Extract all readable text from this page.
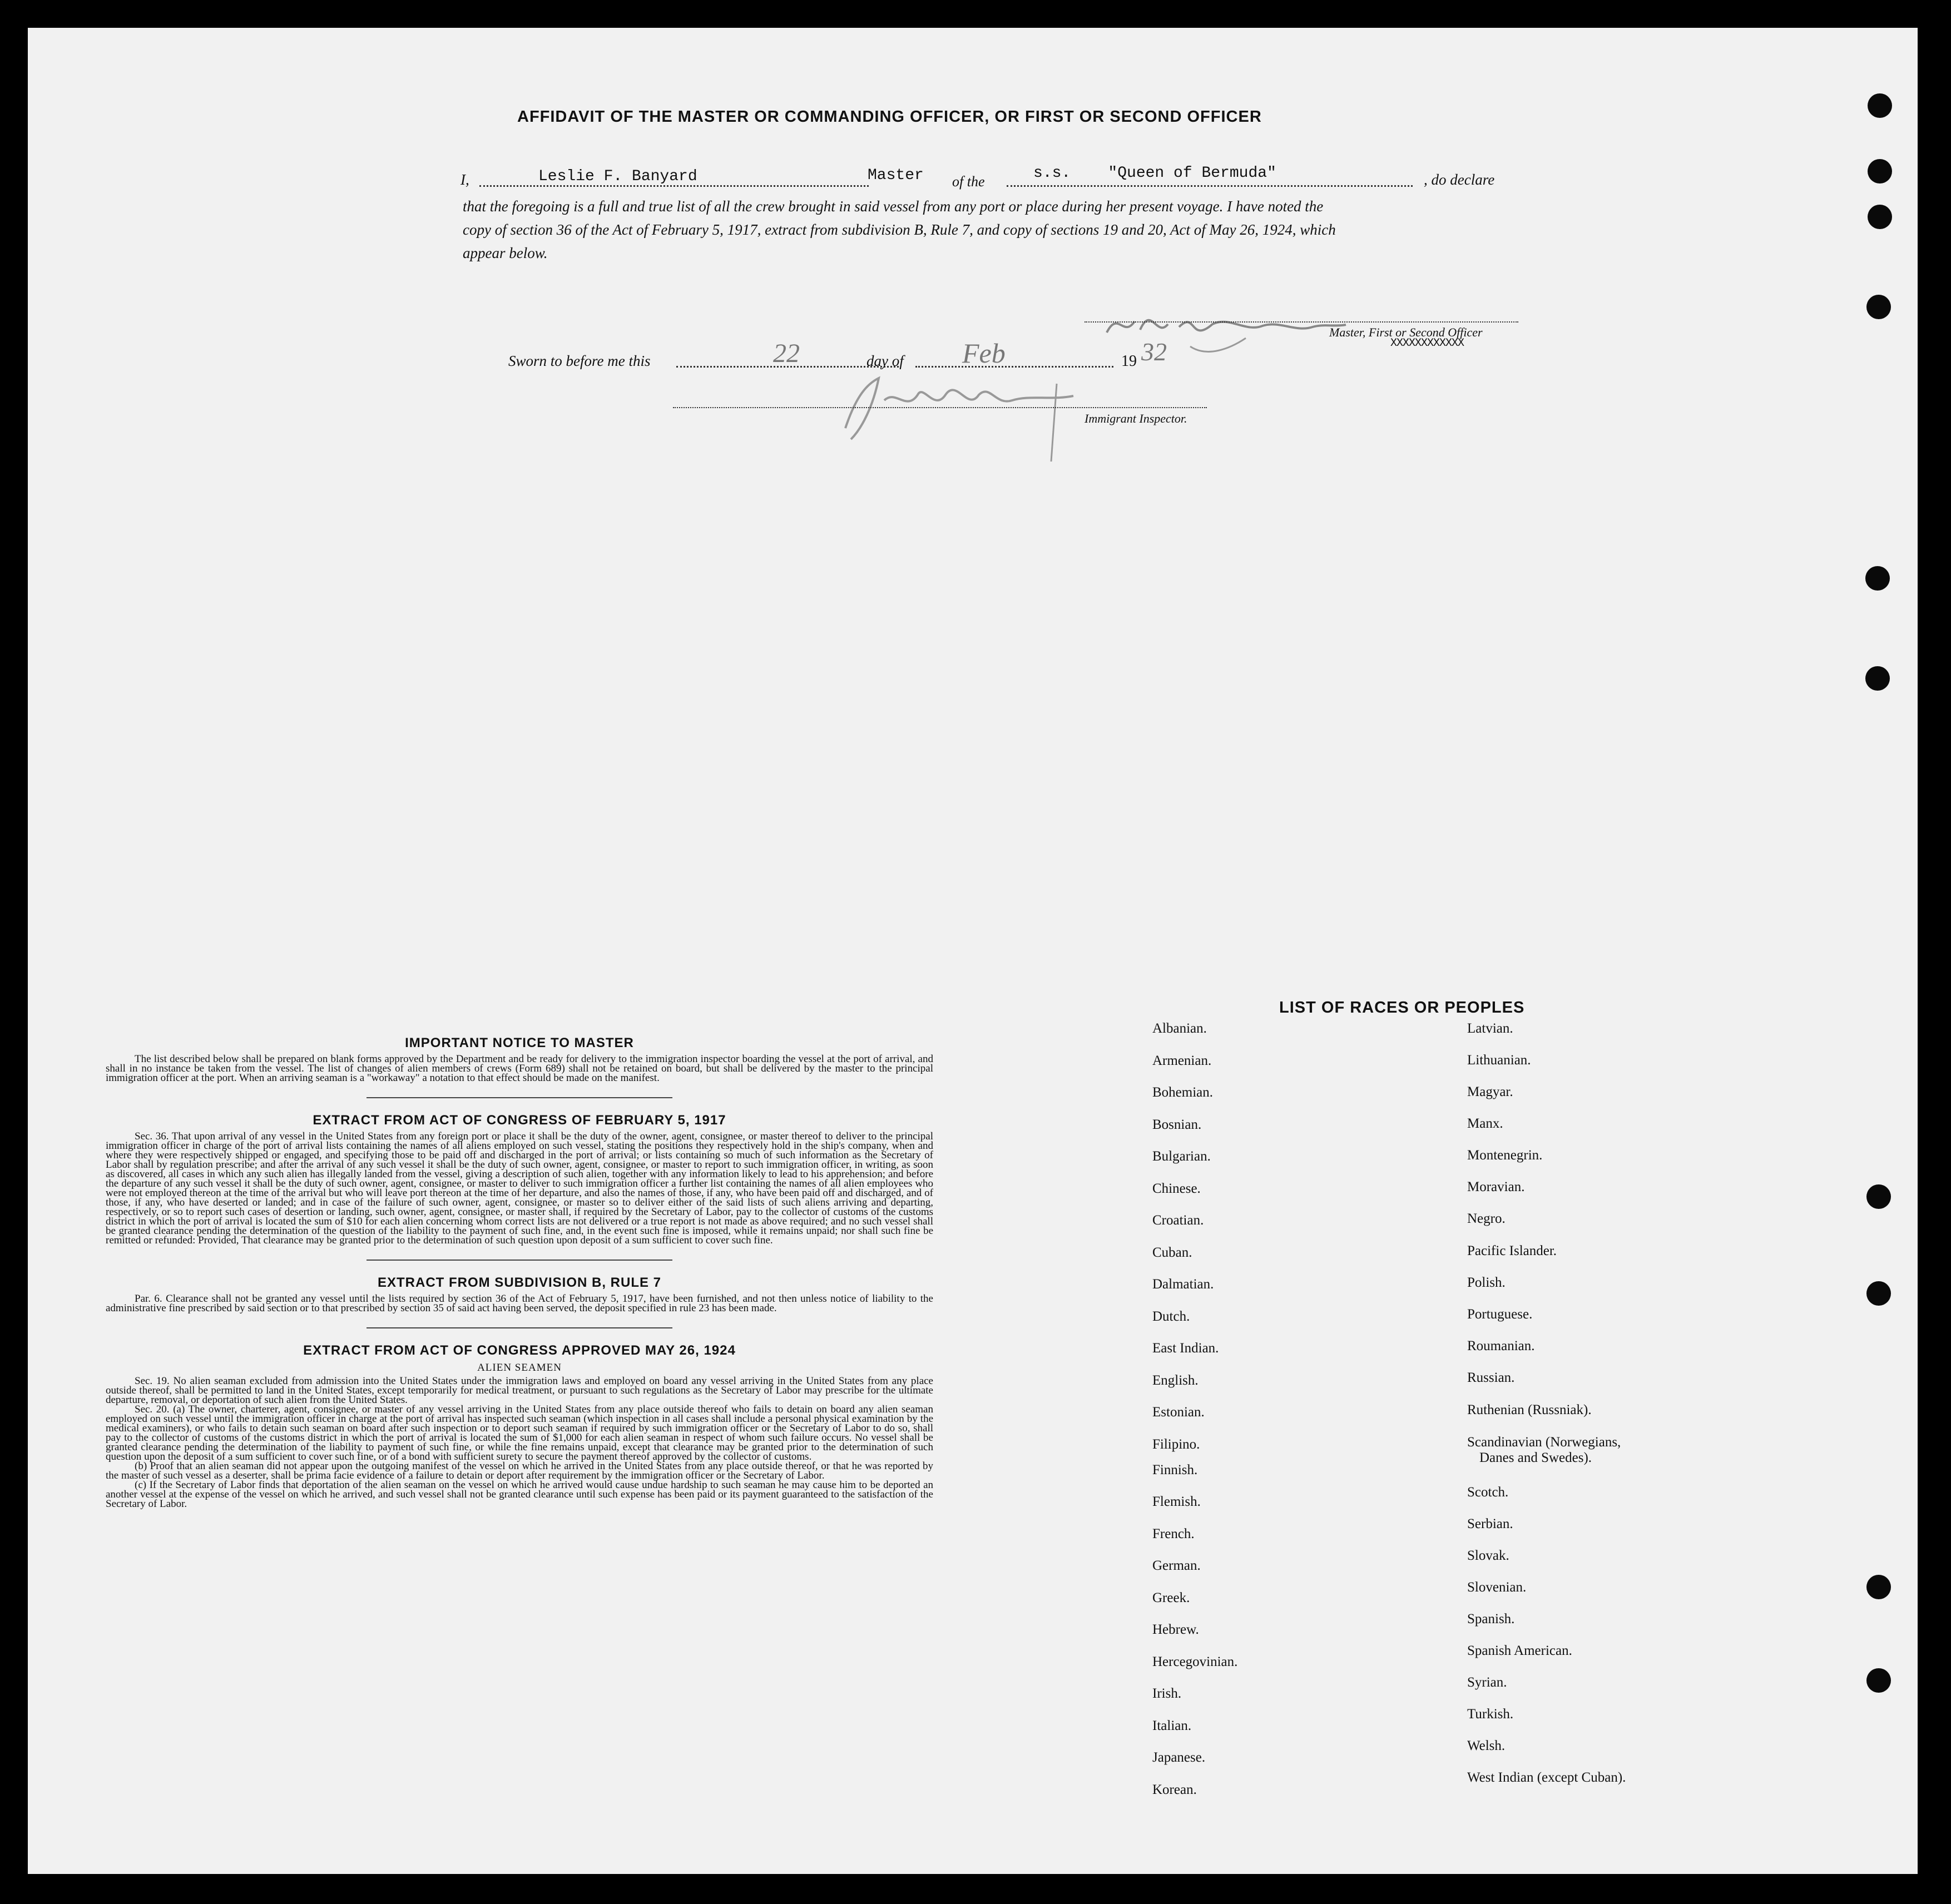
AFFIDAVIT OF THE MASTER OR COMMANDING OFFICER, OR FIRST OR SECOND OFFICER
I,	Leslie F. Banyard	Master of the	s.s.    "Queen of Bermuda"	, do declare
that the foregoing is a full and true list of all the crew brought in said vessel from any port or place during her present voyage. I have noted the
copy of section 36 of the Act of February 5, 1917, extract from subdivision B, Rule 7, and copy of sections 19 and 20, Act of May 26, 1924, which
appear below.
Master, First or Second Officer
XXXXXXXXXXXX
Sworn to before me this	22	day of Feb	19 32
Immigrant Inspector.
IMPORTANT NOTICE TO MASTER

The list described below shall be prepared on blank forms approved by the Department and be ready for delivery to the immigration inspector boarding the vessel at the port of arrival, and shall in no instance be taken from the vessel. The list of changes of alien members of crews (Form 689) shall not be retained on board, but shall be delivered by the master to the principal immigration officer at the port. When an arriving seaman is a "workaway" a notation to that effect should be made on the manifest.

EXTRACT FROM ACT OF CONGRESS OF FEBRUARY 5, 1917

Sec. 36. That upon arrival of any vessel in the United States from any foreign port or place it shall be the duty of the owner, agent, consignee, or master thereof to deliver to the principal immigration officer in charge of the port of arrival lists containing the names of all aliens employed on such vessel, stating the positions they respectively hold in the ship's company, when and where they were respectively shipped or engaged, and specifying those to be paid off and discharged in the port of arrival; or lists containing so much of such information as the Secretary of Labor shall by regulation prescribe; and after the arrival of any such vessel it shall be the duty of such owner, agent, consignee, or master to report to such immigration officer, in writing, as soon as discovered, all cases in which any such alien has illegally landed from the vessel, giving a description of such alien, together with any information likely to lead to his apprehension; and before the departure of any such vessel it shall be the duty of such owner, agent, consignee, or master to deliver to such immigration officer a further list containing the names of all alien employees who were not employed thereon at the time of the arrival but who will leave port thereon at the time of her departure, and also the names of those, if any, who have been paid off and discharged, and of those, if any, who have deserted or landed; and in case of the failure of such owner, agent, consignee, or master so to deliver either of the said lists of such aliens arriving and departing, respectively, or so to report such cases of desertion or landing, such owner, agent, consignee, or master shall, if required by the Secretary of Labor, pay to the collector of customs of the customs district in which the port of arrival is located the sum of $10 for each alien concerning whom correct lists are not delivered or a true report is not made as above required; and no such vessel shall be granted clearance pending the determination of the question of the liability to the payment of such fine, and, in the event such fine is imposed, while it remains unpaid; nor shall such fine be remitted or refunded: Provided, That clearance may be granted prior to the determination of such question upon deposit of a sum sufficient to cover such fine.

EXTRACT FROM SUBDIVISION B, RULE 7

Par. 6. Clearance shall not be granted any vessel until the lists required by section 36 of the Act of February 5, 1917, have been furnished, and not then unless notice of liability to the administrative fine prescribed by said section or to that prescribed by section 35 of said act having been served, the deposit specified in rule 23 has been made.

EXTRACT FROM ACT OF CONGRESS APPROVED MAY 26, 1924
ALIEN SEAMEN

Sec. 19. No alien seaman excluded from admission into the United States under the immigration laws and employed on board any vessel arriving in the United States from any place outside thereof, shall be permitted to land in the United States, except temporarily for medical treatment, or pursuant to such regulations as the Secretary of Labor may prescribe for the ultimate departure, removal, or deportation of such alien from the United States.

Sec. 20. (a) The owner, charterer, agent, consignee, or master of any vessel arriving in the United States from any place outside thereof who fails to detain on board any alien seaman employed on such vessel until the immigration officer in charge at the port of arrival has inspected such seaman (which inspection in all cases shall include a personal physical examination by the medical examiners), or who fails to detain such seaman on board after such inspection or to deport such seaman if required by such immigration officer or the Secretary of Labor to do so, shall pay to the collector of customs of the customs district in which the port of arrival is located the sum of $1,000 for each alien seaman in respect of whom such failure occurs. No vessel shall be granted clearance pending the determination of the liability to payment of such fine, or while the fine remains unpaid, except that clearance may be granted prior to the determination of such question upon the deposit of a sum sufficient to cover such fine, or of a bond with sufficient surety to secure the payment thereof approved by the collector of customs.

(b) Proof that an alien seaman did not appear upon the outgoing manifest of the vessel on which he arrived in the United States from any place outside thereof, or that he was reported by the master of such vessel as a deserter, shall be prima facie evidence of a failure to detain or deport after requirement by the immigration officer or the Secretary of Labor.

(c) If the Secretary of Labor finds that deportation of the alien seaman on the vessel on which he arrived would cause undue hardship to such seaman he may cause him to be deported an another vessel at the expense of the vessel on which he arrived, and such vessel shall not be granted clearance until such expense has been paid or its payment guaranteed to the satisfaction of the Secretary of Labor.

LIST OF RACES OR PEOPLES
Albanian.
Armenian.
Bohemian.
Bosnian.
Bulgarian.
Chinese.
Croatian.
Cuban.
Dalmatian.
Dutch.
East Indian.
English.
Estonian.
Filipino.
Finnish.
Flemish.
French.
German.
Greek.
Hebrew.
Hercegovinian.
Irish.
Italian.
Japanese.
Korean.
Latvian.
Lithuanian.
Magyar.
Manx.
Montenegrin.
Moravian.
Negro.
Pacific Islander.
Polish.
Portuguese.
Roumanian.
Russian.
Ruthenian (Russniak).
Scandinavian (Norwegians,
Danes and Swedes).
Scotch.
Serbian.
Slovak.
Slovenian.
Spanish.
Spanish American.
Syrian.
Turkish.
Welsh.
West Indian (except Cuban).
